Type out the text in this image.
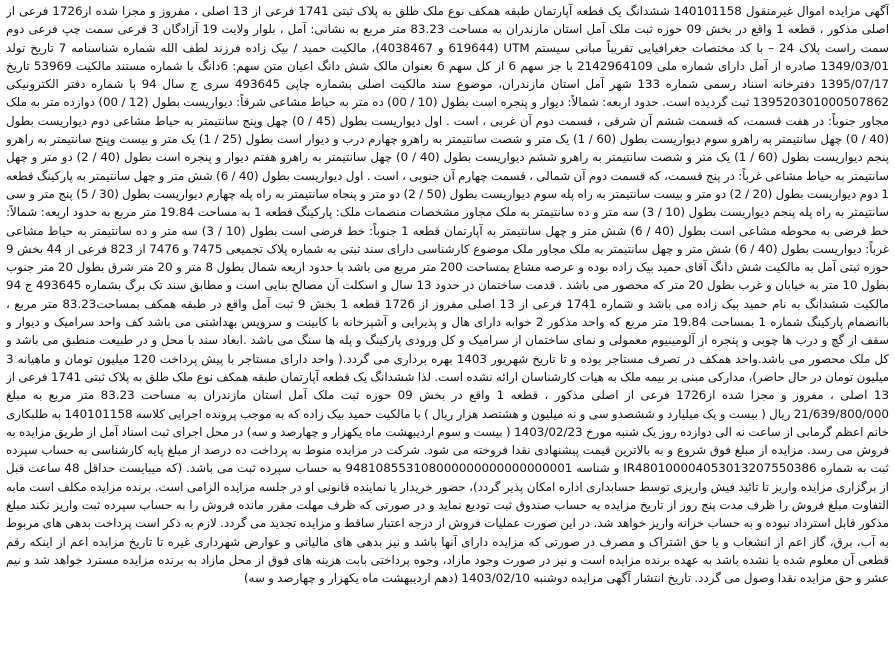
آگهی مزایده اموال غیرمنقول 140101158 ششدانگ یک قطعه آپارتمان طبقه همکف نوع ملک طلق به پلاک ثبتی 1741 فرعی از 13 اصلی ، مفروز و مجزا شده از1726 فرعی از اصلی مذکور ، قطعه 1 واقع در بخش 09 حوزه ثبت ملک آمل استان مازندران به مساحت 83.23 متر مربع به نشانی: آمل ، بلوار ولایت 19 آزادگان 3 فرعی سمت چپ فرعی دوم سمت راست پلاک 24 – با کد مختصات جغرافیایی تقریباً مبانی سیستم UTM (619644 و 4038467)، مالکیت حمید / بیک زاده فرزند لطف الله شماره شناسنامه 7 تاریخ تولد 1349/03/01 صادره از آمل دارای شماره ملی 2142964109 با جز سهم 6 از کل سهم 6 بعنوان مالک شش دانگ اعیان متن سهم: 6دانگ با شماره مستند مالکیت 53969 تاریخ 1395/07/17 دفترخانه اسناد رسمی شماره 133 شهر آمل استان مازندران، موضوع سند مالکیت اصلی بشماره چاپی 493645 سری ج سال 94 با شماره دفتر الکترونیکی 139520301000507862 ثبت گردیده است. حدود اربعه: شمالاً: دیوار و پنجره است بطول (10 / 00) ده متر به حیاط مشاعی شرقاً: دیواریست بطول (12 / 00) دوازده متر به ملک مجاور جنوباً: در هفت قسمت، که قسمت ششم آن شرقی ، قسمت دوم آن غربی ، است . اول دیواریست بطول (45 / 0) چهل وپنج سانتیمتر به حیاط مشاعی دوم دیواریست بطول (40 / 0) چهل سانتیمتر به راهرو سوم دیواریست بطول (60 / 1) یک متر و شصت سانتیمتر به راهرو چهارم درب و دیوار است بطول (25 / 1) یک متر و بیست وپنج سانتیمتر به راهرو پنجم دیواریست بطول (60 / 1) یک متر و شصت سانتیمتر به راهرو ششم دیواریست بطول (40 / 0) چهل سانتیمتر به راهرو هفتم دیوار و پنجره است بطول (40 / 2) دو متر و چهل سانتیمتر به حیاط مشاعی غرباً: در پنج قسمت، که قسمت دوم آن شمالی ، قسمت چهارم آن جنوبی ، است . اول دیواریست بطول (40 / 6) شش متر و چهل سانتیمتر به پارکینگ قطعه 1 دوم دیواریست بطول (20 / 2) دو متر و بیست سانتیمتر به راه پله سوم دیواریست بطول (50 / 2) دو متر و پنجاه سانتیمتر به راه پله چهارم دیواریست بطول (30 / 5) پنج متر و سی سانتیمتر به راه پله پنجم دیواریست بطول (10 / 3) سه متر و ده سانتیمتر به ملک مجاور مشخصات منضمات ملک: پارکینگ قطعه 1 به مساحت 19.84 متر مربع به حدود اربعه: شمالاً: خط فرضی به محوطه مشاعی است بطول (40 / 6) شش متر و چهل سانتیمتر به آپارتمان قطعه 1 جنوباً: خط فرضی است بطول (10 / 3) سه متر و ده سانتیمتر به حیاط مشاعی غرباً: دیواریست بطول (40 / 6) شش متر و چهل سانتیمتر به ملک مجاور ملک موضوع کارشناسی دارای سند ثبتی به شماره پلاک تجمیعی 7475 و 7476 از 823 فرعی از 44 بخش 9 حوزه ثبتی آمل به مالکیت شش دانگ آقای حمید بیک زاده بوده و عرصه مشاع بمساحت 200 متر مربع می باشد با حدود اربعه شمال بطول 8 متر و 20 متر شرق بطول 20 متر جنوب بطول 10 متر به خیابان و غرب بطول 20 متر که محصور می باشد . قدمت ساختمان در حدود 13 سال و اسکلت آن مصالح بنایی است و مطابق سند تک برگ بشماره 493645 ج 94 مالکیت ششدانگ به نام حمید بیک زاده می باشد و شماره 1741 فرعی از 13 اصلی مفروز از 1726 قطعه 1 بخش 9 ثبت آمل واقع در طبقه همکف بمساحت83.23 متر مربع ، باانضمام پارکینگ شماره 1 بمساحت 19.84 متر مربع که واحد مذکور 2 خوابه دارای هال و پذیرایی و آشپزخانه با کابینت و سرویس بهداشتی می باشد کف واحد سرامیک و دیوار و سقف از گچ و درب ها چوبی و پنجره از آلومینیوم معمولی و نمای ساختمان از سرامیک و کل ورودی پارکینگ و پله ها سنگ می باشد .ابعاد سند با محل و در طبیعت منطبق می باشد و کل ملک محصور می باشد.واحد همکف در تصرف مستاجر بوده و تا تاریخ شهریور 1403 بهره برداری می گردد.( واحد دارای مستاجر با پیش پرداخت 120 میلیون تومان و ماهیانه 3 میلیون تومان در حال حاضر)، مدارکی مبنی بر بیمه ملک به هیات کارشناسان ارائه نشده است. لذا ششدانگ یک قطعه آپارتمان طبقه همکف نوع ملک طلق به پلاک ثبتی 1741 فرعی از 13 اصلی ، مفروز و مجزا شده از1726 فرعی از اصلی مذکور ، قطعه 1 واقع در بخش 09 حوزه ثبت ملک آمل استان مازندران به مساحت 83.23 متر مربع به مبلغ 21/639/800/000 ریال ( بیست و یک میلیارد و ششصدو سی و نه میلیون و هشتصد هزار ریال ) با مالکیت حمید بیک زاده که به موجب پرونده اجرایی کلاسه 140101158 به طلبکاری خانم اعظم گرمابی از ساعت نه الی دوازده روز یک شنبه مورخ 1403/02/23 ( بیست و سوم اردیبهشت ماه یکهزار و چهارصد و سه) در محل اجرای ثبت اسناد آمل از طریق مزایده به فروش می رسد. مزایده از مبلغ فوق شروع و به بالاترین قیمت پیشنهادی نقدا فروخته می شود. شرکت در مزایده منوط به پرداخت ده درصد از مبلغ پایه کارشناسی به حساب سپرده ثبت به شماره IR480100004053013207550386 و شناسه 948108553108000000000000000001 به حساب سپرده ثبت می باشد. (که میبایست حداقل 48 ساعت قبل از برگزاری مزایده واریز تا تائید فیش واریزی توسط حسابداری اداره امکان پذیر گردد)، حضور خریدار یا نماینده قانونی او در جلسه مزایده الزامی است. برنده مزایده مکلف است مابه التفاوت مبلغ فروش را ظرف مدت پنج روز از تاریخ مزایده به حساب صندوق ثبت تودیع نماید و در صورتی که ظرف مهلت مقرر مانده فروش را به حساب سپرده ثبت واریز نکند مبلغ مذکور قابل استرداد نبوده و به حساب خزانه واریز خواهد شد. در این صورت عملیات فروش از درجه اعتبار ساقط و مزایده تجدید می گردد. لازم به ذکر است پرداخت بدهی های مربوط به آب، برق، گاز اعم از انشعاب و یا حق اشتراک و مصرف در صورتی که مزایده دارای آنها باشد و نیز بدهی های مالیاتی و عوارض شهرداری غیره تا تاریخ مزایده اعم از اینکه رقم قطعی آن معلوم شده یا نشده باشد به عهده برنده مزایده است و نیز در صورت وجود مازاد، وجوه پرداختی بابت هزینه های فوق از محل مازاد به برنده مزایده مسترد خواهد شد و نیم عشر و حق مزایده نقدا وصول می گردد. تاریخ انتشار آگهی مزایده دوشنبه 1403/02/10 (دهم اردیبهشت ماه یکهزار و چهارصد و سه)
